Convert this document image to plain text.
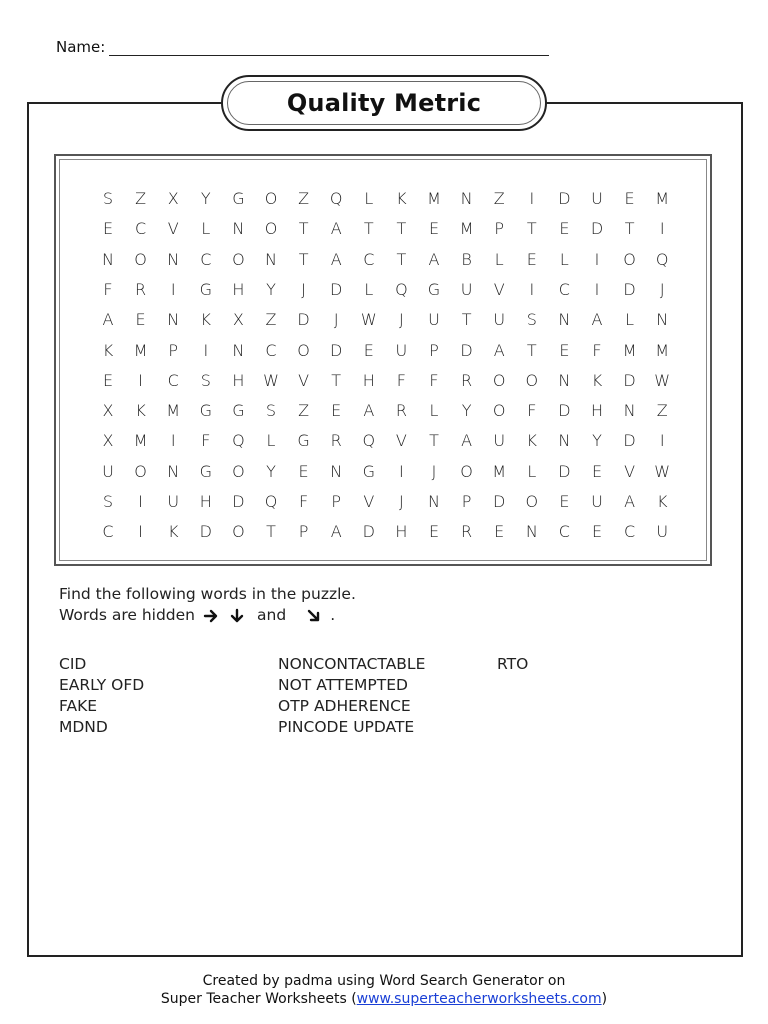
Name:
Quality Metric
S	Z X	Y	G O Z Q	L	K M N Z	I	D U	E	M
E	C V	L	N O	T	A	T	T	E	M	P	T	E	D	T	I
N O N C O N	T	A C	T	A B	L	E	L	I	O Q
F	R	I	G H	Y	J	D	L	Q G U V	I	C	I	D	J
A	E	N K X Z D	J	W	J	U	T	U	S	N A	L	N
K M	P	I	N C O D	E	U	P	D A	T	E	F	M M
E	I	C	S	H W V	T	H	F	F	R O O N K D W
X K M G G	S	Z	E	A R	L	Y	O	F	D H N Z
X M	I	F	Q	L	G R Q V	T	A U K N	Y	D	I
U O N G O	Y	E	N G	I	J	O M	L	D	E	V W
S	I	U H D Q	F	P	V	J	N	P	D O	E	U A K
C	I	K D O	T	P	A D H	E	R	E	N C	E	C U
Find the following words in the puzzle.
Words are hidden	and	.
CID
EARLY OFD
FAKE
MDND
NONCONTACTABLE
NOT ATTEMPTED
OTP ADHERENCE
PINCODE UPDATE
RTO
Created by padma using Word Search Generator on
Super Teacher Worksheets (www.superteacherworksheets.com)
